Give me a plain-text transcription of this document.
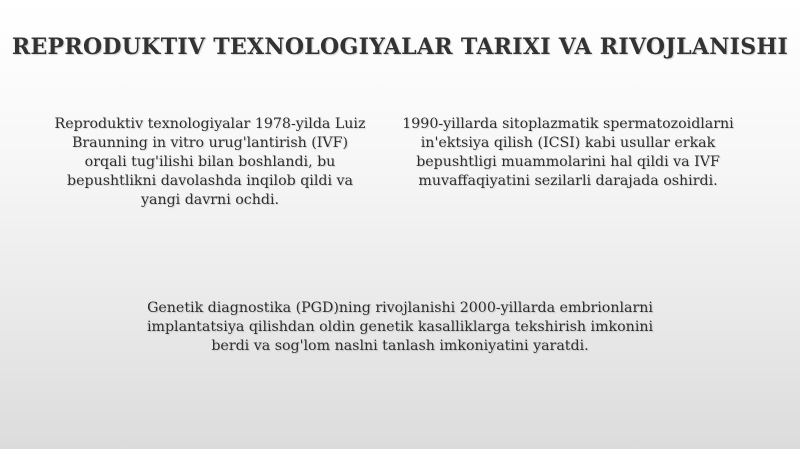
REPRODUKTIV TEXNOLOGIYALAR TARIXI VA RIVOJLANISHI
Reproduktiv texnologiyalar 1978-yilda Luiz Braunning in vitro urug'lantirish (IVF) orqali tug'ilishi bilan boshlandi, bu bepushtlikni davolashda inqilob qildi va yangi davrni ochdi.
1990-yillarda sitoplazmatik spermatozoidlarni in'ektsiya qilish (ICSI) kabi usullar erkak bepushtligi muammolarini hal qildi va IVF muvaffaqiyatini sezilarli darajada oshirdi.
Genetik diagnostika (PGD)ning rivojlanishi 2000-yillarda embrionlarni implantatsiya qilishdan oldin genetik kasalliklarga tekshirish imkonini berdi va sog'lom naslni tanlash imkoniyatini yaratdi.
